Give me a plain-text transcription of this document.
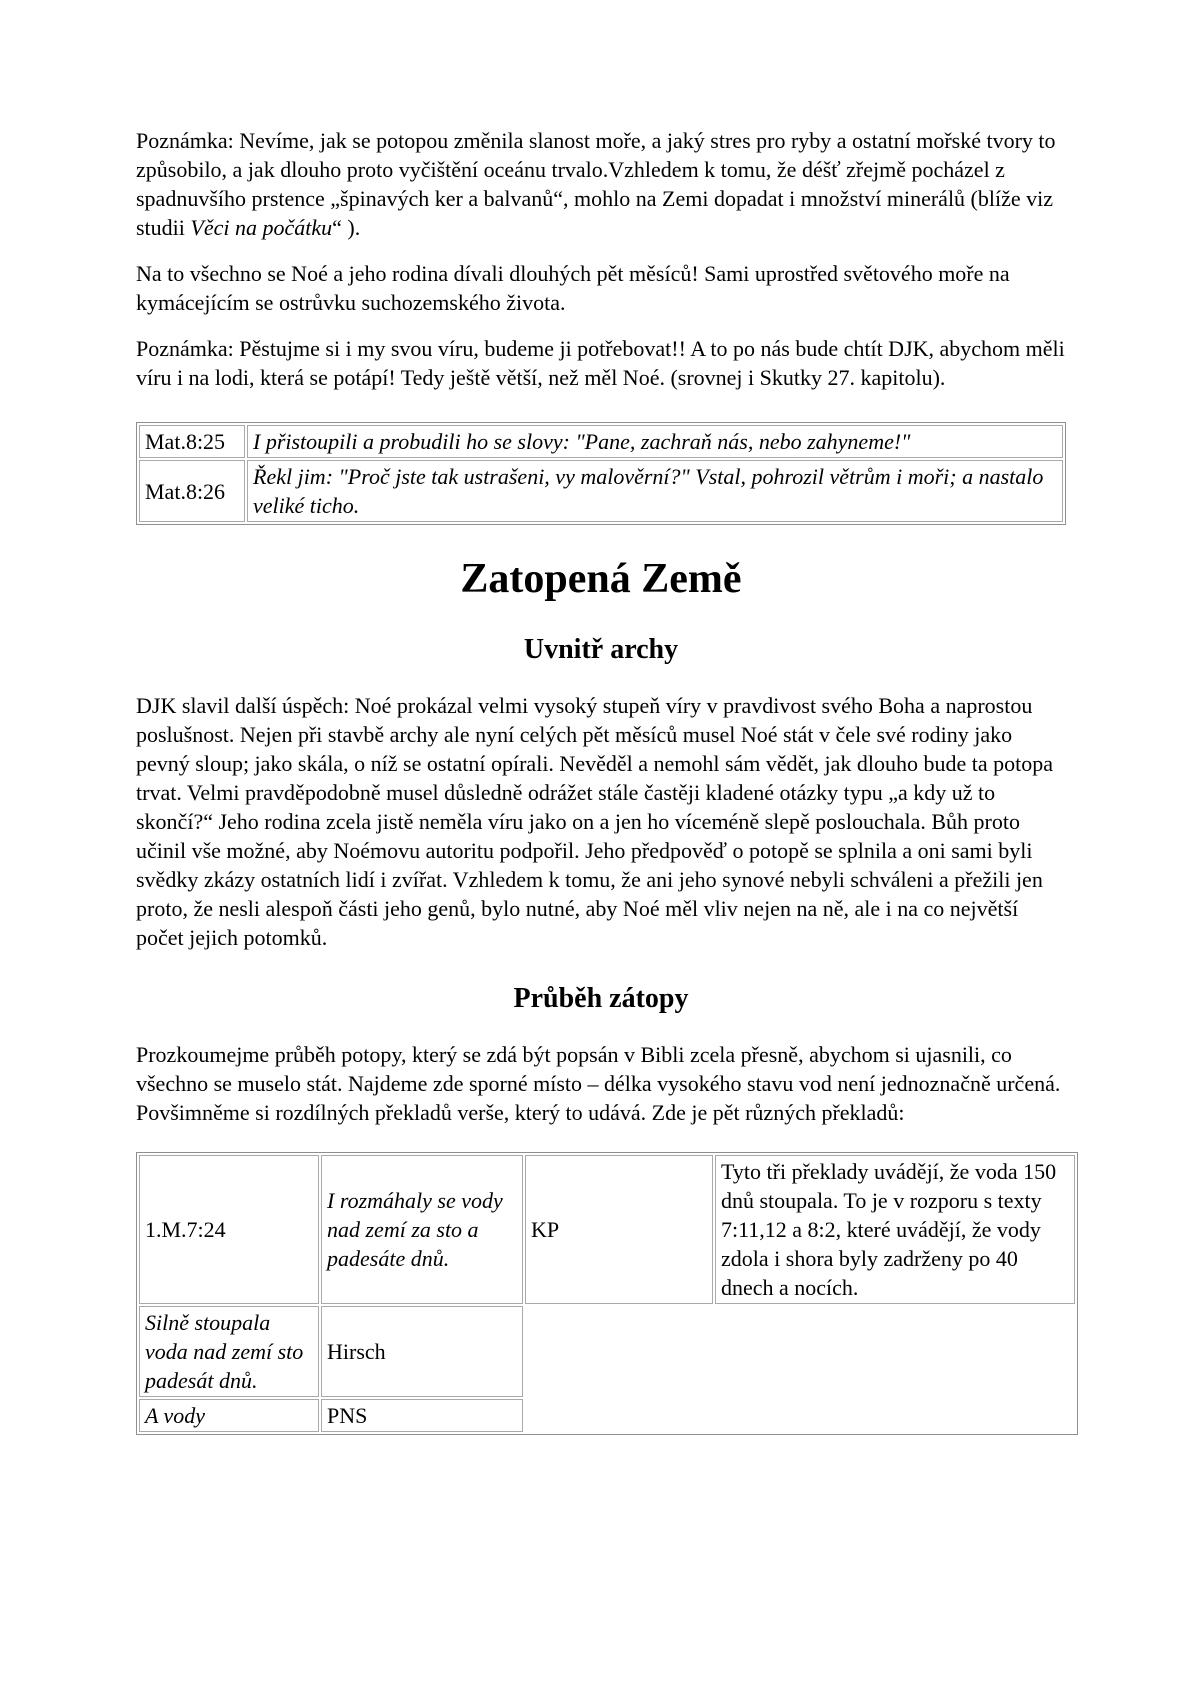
Poznámka: Nevíme, jak se potopou změnila slanost moře, a jaký stres pro ryby a ostatní mořské tvory to způsobilo, a jak dlouho proto vyčištění oceánu trvalo.Vzhledem k tomu, že déšť zřejmě pocházel z spadnuvšího prstence „špinavých ker a balvanů“, mohlo na Zemi dopadat i množství minerálů (blíže viz studii Věci na počátku“ ).

Na to všechno se Noé a jeho rodina dívali dlouhých pět měsíců! Sami uprostřed světového moře na kymácejícím se ostrůvku suchozemského života.

Poznámka: Pěstujme si i my svou víru, budeme ji potřebovat!! A to po nás bude chtít DJK, abychom měli víru i na lodi, která se potápí! Tedy ještě větší, než měl Noé. (srovnej i Skutky 27. kapitolu).

Mat.8:25	I přistoupili a probudili ho se slovy: "Pane, zachraň nás, nebo zahyneme!"
Mat.8:26	Řekl jim: "Proč jste tak ustrašeni, vy malověrní?" Vstal, pohrozil větrům i moři; a nastalo veliké ticho.
Zatopená Země
Uvnitř archy

DJK slavil další úspěch: Noé prokázal velmi vysoký stupeň víry v pravdivost svého Boha a naprostou poslušnost. Nejen při stavbě archy ale nyní celých pět měsíců musel Noé stát v čele své rodiny jako pevný sloup; jako skála, o níž se ostatní opírali. Nevěděl a nemohl sám vědět, jak dlouho bude ta potopa trvat. Velmi pravděpodobně musel důsledně odrážet stále častěji kladené otázky typu „a kdy už to skončí?“ Jeho rodina zcela jistě neměla víru jako on a jen ho víceméně slepě poslouchala. Bůh proto učinil vše možné, aby Noémovu autoritu podpořil. Jeho předpověď o potopě se splnila a oni sami byli svědky zkázy ostatních lidí i zvířat. Vzhledem k tomu, že ani jeho synové nebyli schváleni a přežili jen proto, že nesli alespoň části jeho genů, bylo nutné, aby Noé měl vliv nejen na ně, ale i na co největší počet jejich potomků.

Průběh zátopy

Prozkoumejme průběh potopy, který se zdá být popsán v Bibli zcela přesně, abychom si ujasnili, co všechno se muselo stát. Najdeme zde sporné místo – délka vysokého stavu vod není jednoznačně určená. Povšimněme si rozdílných překladů verše, který to udává. Zde je pět různých překladů:

1.M.7:24	I rozmáhaly se vody nad zemí za sto a padesáte dnů.	KP	Tyto tři překlady uvádějí, že voda 150 dnů stoupala. To je v rozporu s texty 7:11,12 a 8:2, které uvádějí, že vody zdola i shora byly zadrženy po 40 dnech a nocích.
Silně stoupala voda nad zemí sto padesát dnů.	Hirsch		
A vody	PNS		
